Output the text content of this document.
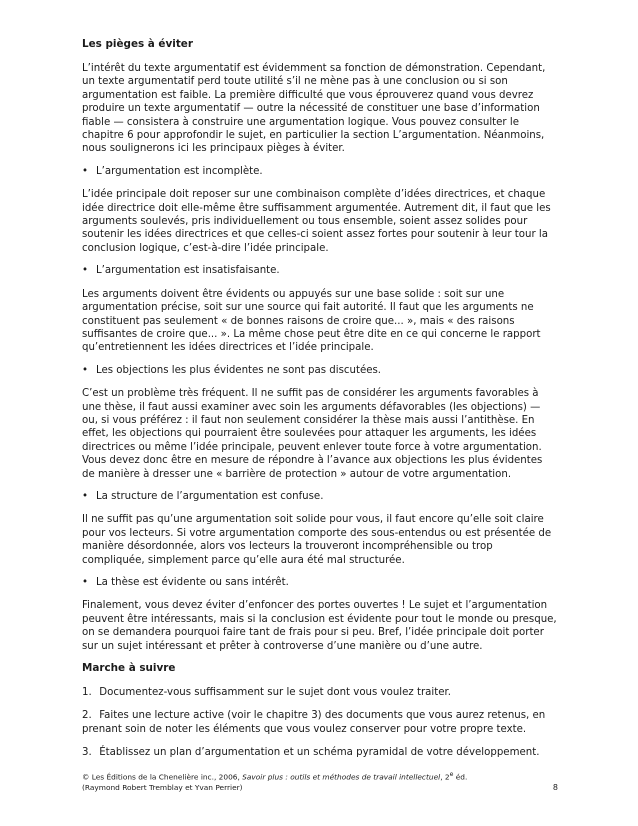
Les pièges à éviter

L’intérêt du texte argumentatif est évidemment sa fonction de démonstration. Cependant, un texte argumentatif perd toute utilité s’il ne mène pas à une conclusion ou si son argumentation est faible. La première difficulté que vous éprouverez quand vous devrez produire un texte argumentatif — outre la nécessité de constituer une base d’information fiable — consistera à construire une argumentation logique. Vous pouvez consulter le chapitre 6 pour approfondir le sujet, en particulier la section L’argumentation. Néanmoins, nous soulignerons ici les principaux pièges à éviter.

• L’argumentation est incomplète.

L’idée principale doit reposer sur une combinaison complète d’idées directrices, et chaque idée directrice doit elle-même être suffisamment argumentée. Autrement dit, il faut que les arguments soulevés, pris individuellement ou tous ensemble, soient assez solides pour soutenir les idées directrices et que celles-ci soient assez fortes pour soutenir à leur tour la conclusion logique, c’est-à-dire l’idée principale.

• L’argumentation est insatisfaisante.

Les arguments doivent être évidents ou appuyés sur une base solide : soit sur une argumentation précise, soit sur une source qui fait autorité. Il faut que les arguments ne constituent pas seulement « de bonnes raisons de croire que... », mais « des raisons suffisantes de croire que... ». La même chose peut être dite en ce qui concerne le rapport qu’entretiennent les idées directrices et l’idée principale.

• Les objections les plus évidentes ne sont pas discutées.

C’est un problème très fréquent. Il ne suffit pas de considérer les arguments favorables à une thèse, il faut aussi examiner avec soin les arguments défavorables (les objections) — ou, si vous préférez : il faut non seulement considérer la thèse mais aussi l’antithèse. En effet, les objections qui pourraient être soulevées pour attaquer les arguments, les idées directrices ou même l’idée principale, peuvent enlever toute force à votre argumentation. Vous devez donc être en mesure de répondre à l’avance aux objections les plus évidentes de manière à dresser une « barrière de protection » autour de votre argumentation.

• La structure de l’argumentation est confuse.

Il ne suffit pas qu’une argumentation soit solide pour vous, il faut encore qu’elle soit claire pour vos lecteurs. Si votre argumentation comporte des sous-entendus ou est présentée de manière désordonnée, alors vos lecteurs la trouveront incompréhensible ou trop compliquée, simplement parce qu’elle aura été mal structurée.

• La thèse est évidente ou sans intérêt.

Finalement, vous devez éviter d’enfoncer des portes ouvertes ! Le sujet et l’argumentation peuvent être intéressants, mais si la conclusion est évidente pour tout le monde ou presque, on se demandera pourquoi faire tant de frais pour si peu. Bref, l’idée principale doit porter sur un sujet intéressant et prêter à controverse d’une manière ou d’une autre.

Marche à suivre
1. Documentez-vous suffisamment sur le sujet dont vous voulez traiter.
2. Faites une lecture active (voir le chapitre 3) des documents que vous aurez retenus, en prenant soin de noter les éléments que vous voulez conserver pour votre propre texte.
3. Établissez un plan d’argumentation et un schéma pyramidal de votre développement.
© Les Éditions de la Chenelière inc., 2006, Savoir plus : outils et méthodes de travail intellectuel, 2e éd.
(Raymond Robert Tremblay et Yvan Perrier)	8
